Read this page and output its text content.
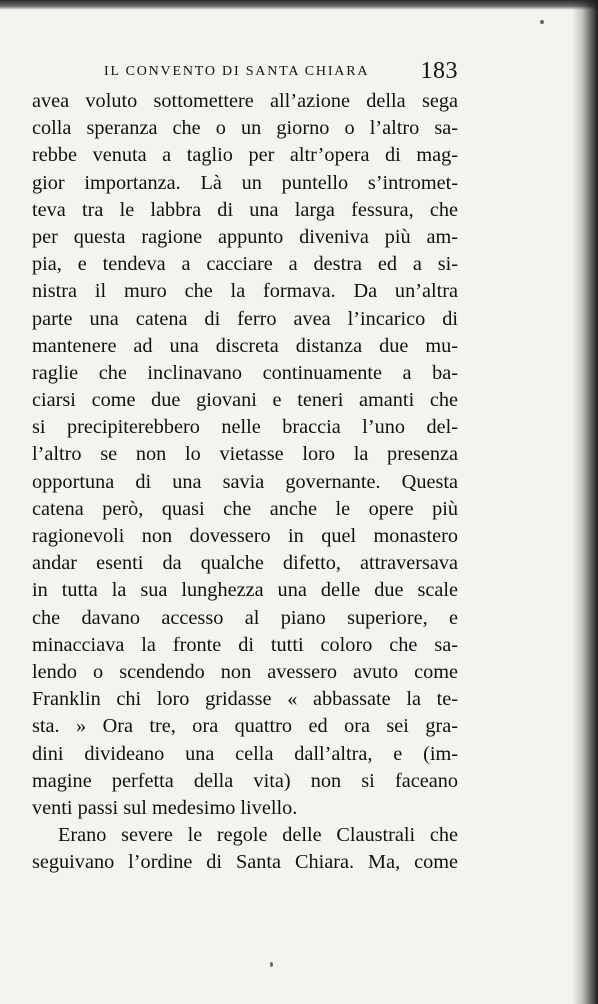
IL CONVENTO DI SANTA CHIARA 183
avea voluto sottomettere all’azione della sega
colla speranza che o un giorno o l’altro sa-
rebbe venuta a taglio per altr’opera di mag-
gior importanza. Là un puntello s’intromet-
teva tra le labbra di una larga fessura, che
per questa ragione appunto diveniva più am-
pia, e tendeva a cacciare a destra ed a si-
nistra il muro che la formava. Da un’altra
parte una catena di ferro avea l’incarico di
mantenere ad una discreta distanza due mu-
raglie che inclinavano continuamente a ba-
ciarsi come due giovani e teneri amanti che
si precipiterebbero nelle braccia l’uno del-
l’altro se non lo vietasse loro la presenza
opportuna di una savia governante. Questa
catena però, quasi che anche le opere più
ragionevoli non dovessero in quel monastero
andar esenti da qualche difetto, attraversava
in tutta la sua lunghezza una delle due scale
che davano accesso al piano superiore, e
minacciava la fronte di tutti coloro che sa-
lendo o scendendo non avessero avuto come
Franklin chi loro gridasse « abbassate la te-
sta. » Ora tre, ora quattro ed ora sei gra-
dini divideano una cella dall’altra, e (im-
magine perfetta della vita) non si faceano
venti passi sul medesimo livello.
Erano severe le regole delle Claustrali che
seguivano l’ordine di Santa Chiara. Ma, come
